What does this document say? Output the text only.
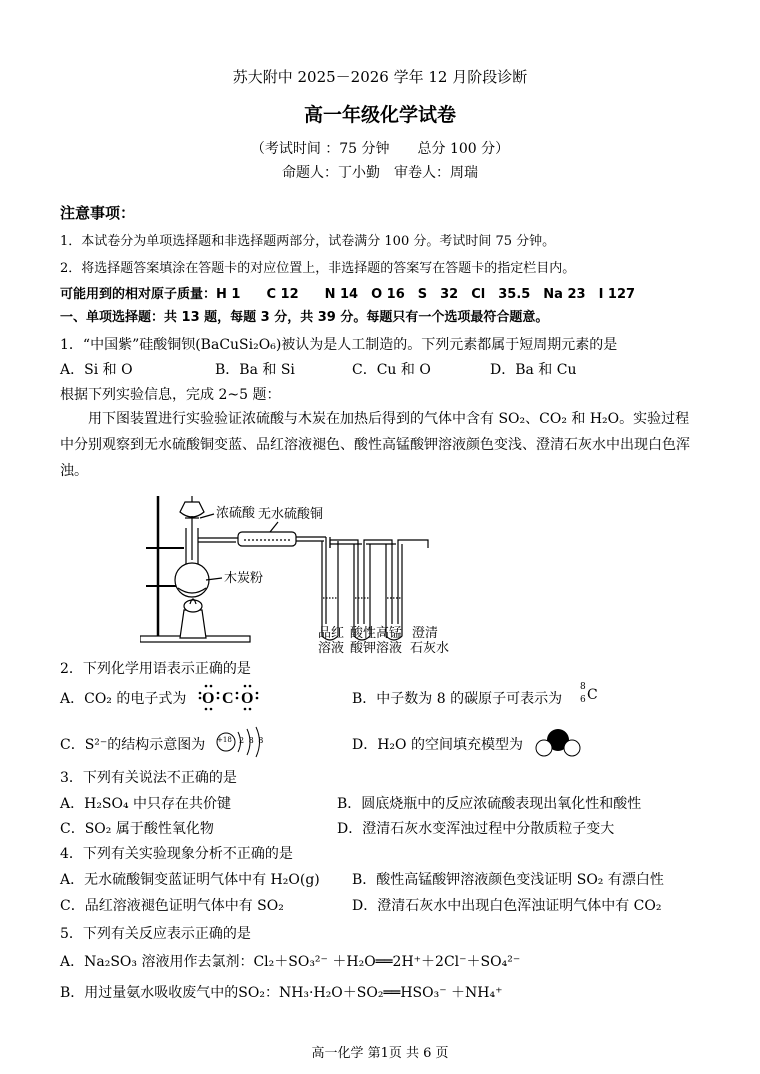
苏大附中 2025－2026 学年 12 月阶段诊断
高一年级化学试卷
（考试时间 ：75 分钟　　总分 100 分）
命题人：丁小勤　审卷人：周瑞
注意事项：
1．本试卷分为单项选择题和非选择题两部分，试卷满分 100 分。考试时间 75 分钟。
2．将选择题答案填涂在答题卡的对应位置上，非选择题的答案写在答题卡的指定栏目内。
可能用到的相对原子质量：H 1　　C 12　　N 14　O 16　S　32　Cl　35.5　Na 23　I 127
一、单项选择题：共 13 题，每题 3 分，共 39 分。每题只有一个选项最符合题意。
1．“中国紫”硅酸铜钡(BaCuSi₂O₆)被认为是人工制造的。下列元素都属于短周期元素的是
A．Si 和 O	B．Ba 和 Si	C．Cu 和 O	D．Ba 和 Cu
根据下列实验信息，完成 2~5 题：
用下图装置进行实验验证浓硫酸与木炭在加热后得到的气体中含有 SO₂、CO₂ 和 H₂O。实验过程中分别观察到无水硫酸铜变蓝、品红溶液褪色、酸性高锰酸钾溶液颜色变浅、澄清石灰水中出现白色浑浊。
浓硫酸 无水硫酸铜
木炭粉
品红
溶液
酸性高锰
酸钾溶液
澄清
石灰水
2．下列化学用语表示正确的是
A．CO₂ 的电子式为 O C O	B．中子数为 8 的碳原子可表示为
8
6 C
C．S²⁻的结构示意图为 +18 2 8 8	D．H₂O 的空间填充模型为
3．下列有关说法不正确的是
A．H₂SO₄ 中只存在共价键	B．圆底烧瓶中的反应浓硫酸表现出氧化性和酸性
C．SO₂ 属于酸性氧化物	D．澄清石灰水变浑浊过程中分散质粒子变大
4．下列有关实验现象分析不正确的是
A．无水硫酸铜变蓝证明气体中有 H₂O(g) B．酸性高锰酸钾溶液颜色变浅证明 SO₂ 有漂白性
C．品红溶液褪色证明气体中有 SO₂	D．澄清石灰水中出现白色浑浊证明气体中有 CO₂
5．下列有关反应表示正确的是
A．Na₂SO₃ 溶液用作去氯剂：Cl₂＋SO₃²⁻ ＋H₂O══2H⁺＋2Cl⁻＋SO₄²⁻
B．用过量氨水吸收废气中的SO₂：NH₃·H₂O＋SO₂══HSO₃⁻ ＋NH₄⁺
高一化学 第1页 共 6 页
